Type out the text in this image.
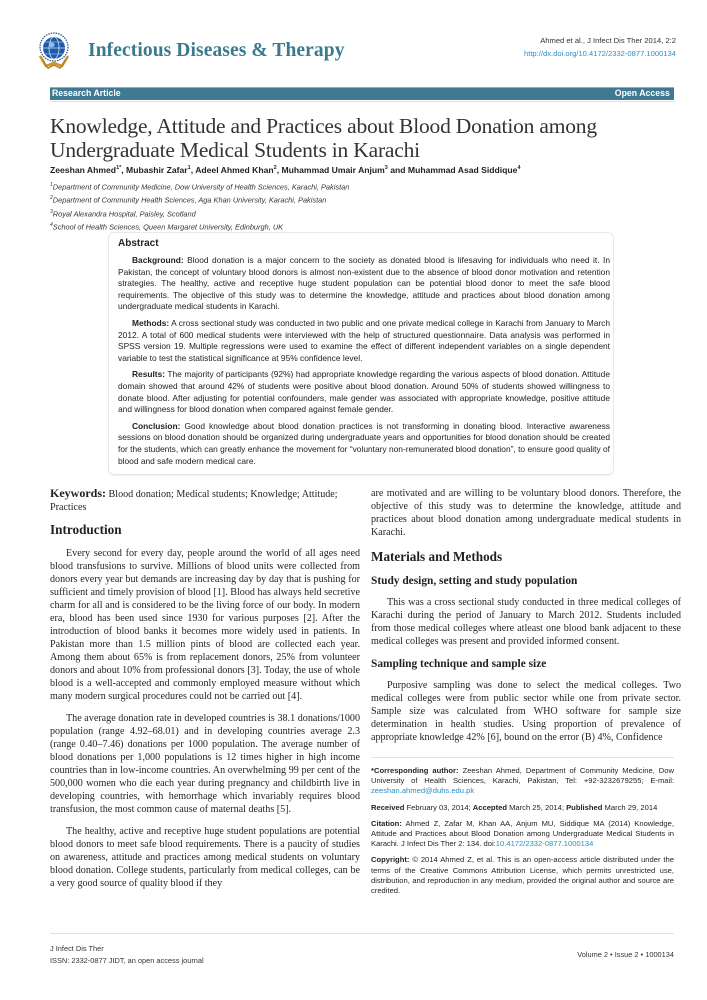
Infectious Diseases & Therapy	Ahmed et al., J Infect Dis Ther 2014, 2:2
http://dx.doi.org/10.4172/2332-0877.1000134
Research Article	Open Access
Knowledge, Attitude and Practices about Blood Donation among Undergraduate Medical Students in Karachi
Zeeshan Ahmed$^{1*}$, Mubashir Zafar$^1$, Adeel Ahmed Khan$^2$, Muhammad Umair Anjum$^3$ and Muhammad Asad Siddique$^4$
$^1$Department of Community Medicine, Dow University of Health Sciences, Karachi, Pakistan
$^2$Department of Community Health Sciences, Aga Khan University, Karachi, Pakistan
$^3$Royal Alexandra Hospital, Paisley, Scotland
$^4$School of Health Sciences, Queen Margaret University, Edinburgh, UK
Abstract

Background: Blood donation is a major concern to the society as donated blood is lifesaving for individuals who need it. In Pakistan, the concept of voluntary blood donors is almost non-existent due to the absence of blood donor motivation and retention strategies. The healthy, active and receptive huge student population can be potential blood donor to meet the safe blood requirements. The objective of this study was to determine the knowledge, attitude and practices about blood donation among undergraduate medical students in Karachi.

Methods: A cross sectional study was conducted in two public and one private medical college in Karachi from January to March 2012. A total of 600 medical students were interviewed with the help of structured questionnaire. Data analysis was performed in SPSS version 19. Multiple regressions were used to examine the effect of different independent variables on a single dependent variable to test the statistical significance at 95% confidence level.

Results: The majority of participants (92%) had appropriate knowledge regarding the various aspects of blood donation. Attitude domain showed that around 42% of students were positive about blood donation. Around 50% of students showed willingness to donate blood. After adjusting for potential confounders, male gender was associated with appropriate knowledge, positive attitude and willingness for blood donation when compared against female gender.

Conclusion: Good knowledge about blood donation practices is not transforming in donating blood. Interactive awareness sessions on blood donation should be organized during undergraduate years and opportunities for blood donation should be created for the students, which can greatly enhance the movement for “voluntary non-remunerated blood donation”, to ensure good quality of blood and safe modern medical care.

Keywords: Blood donation; Medical students; Knowledge; Attitude; Practices

Introduction

Every second for every day, people around the world of all ages need blood transfusions to survive. Millions of blood units were collected from donors every year but demands are increasing day by day that is pushing for sufficient and timely provision of blood [1]. Blood has always held secretive charm for all and is considered to be the living force of our body. In modern era, blood has been used since 1930 for various purposes [2]. After the introduction of blood banks it becomes more widely used in patients. In Pakistan more than 1.5 million pints of blood are collected each year. Among them about 65% is from replacement donors, 25% from volunteer donors and about 10% from professional donors [3]. Today, the use of whole blood is a well-accepted and commonly employed measure without which many modern surgical procedures could not be carried out [4].

The average donation rate in developed countries is 38.1 donations/1000 population (range 4.92–68.01) and in developing countries average 2.3 (range 0.40–7.46) donations per 1000 population. The average number of blood donations per 1,000 populations is 12 times higher in high income countries than in low-income countries. An overwhelming 99 per cent of the 500,000 women who die each year during pregnancy and childbirth live in developing countries, with hemorrhage which invariably requires blood transfusion, the most common cause of maternal deaths [5].

The healthy, active and receptive huge student populations are potential blood donors to meet safe blood requirements. There is a paucity of studies on awareness, attitude and practices among medical students on voluntary blood donation. College students, particularly from medical colleges, can be a very good source of quality blood if they

are motivated and are willing to be voluntary blood donors. Therefore, the objective of this study was to determine the knowledge, attitude and practices about blood donation among undergraduate medical students in Karachi.

Materials and Methods
Study design, setting and study population

This was a cross sectional study conducted in three medical colleges of Karachi during the period of January to March 2012. Students included from those medical colleges where atleast one blood bank adjacent to these medical colleges was present and provided informed consent.

Sampling technique and sample size

Purposive sampling was done to select the medical colleges. Two medical colleges were from public sector while one from private sector. Sample size was calculated from WHO software for sample size determination in health studies. Using proportion of prevalence of appropriate knowledge 42% [6], bound on the error (B) 4%, Confidence

*Corresponding author: Zeeshan Ahmed, Department of Community Medicine, Dow University of Health Sciences, Karachi, Pakistan, Tel: +92-3232679255; E-mail: zeeshan.ahmed@duhs.edu.pk

Received February 03, 2014; Accepted March 25, 2014; Published March 29, 2014

Citation: Ahmed Z, Zafar M, Khan AA, Anjum MU, Siddique MA (2014) Knowledge, Attitude and Practices about Blood Donation among Undergraduate Medical Students in Karachi. J Infect Dis Ther 2: 134. doi:10.4172/2332-0877.1000134

Copyright: © 2014 Ahmed Z, et al. This is an open-access article distributed under the terms of the Creative Commons Attribution License, which permits unrestricted use, distribution, and reproduction in any medium, provided the original author and source are credited.

J Infect Dis Ther
ISSN: 2332-0877 JIDT, an open access journal
Volume 2 • Issue 2 • 1000134
